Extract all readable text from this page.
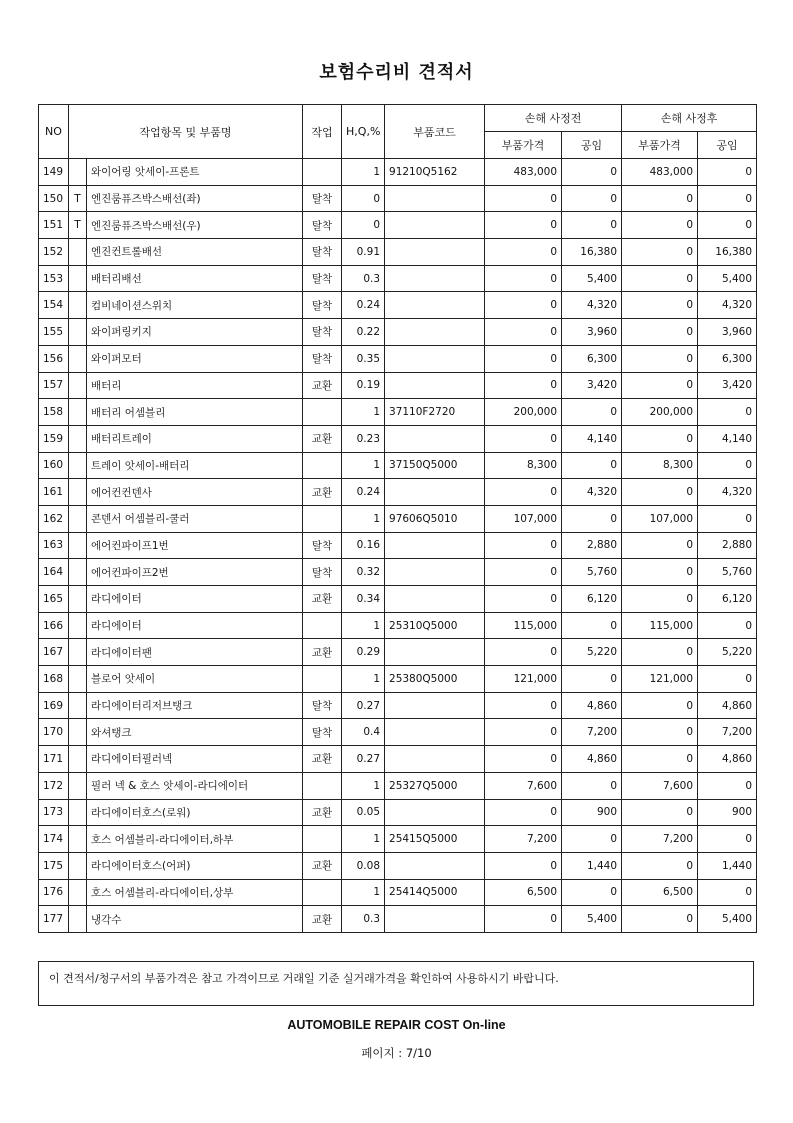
보험수리비 견적서
NO	작업항목 및 부품명		작업	H,Q,%	부품코드	손해 사정전		손해 사정후	
						부품가격	공임	부품가격	공임
149		와이어링 앗세이-프론트		1	91210Q5162	483,000	0	483,000	0
150	T	엔진룸퓨즈박스배선(좌)	탈착	0		0	0	0	0
151	T	엔진룸퓨즈박스배선(우)	탈착	0		0	0	0	0
152		엔진컨트롤배선	탈착	0.91		0	16,380	0	16,380
153		배터리배선	탈착	0.3		0	5,400	0	5,400
154		컴비네이션스위치	탈착	0.24		0	4,320	0	4,320
155		와이퍼링키지	탈착	0.22		0	3,960	0	3,960
156		와이퍼모터	탈착	0.35		0	6,300	0	6,300
157		배터리	교환	0.19		0	3,420	0	3,420
158		배터리 어셈블리		1	37110F2720	200,000	0	200,000	0
159		배터리트레이	교환	0.23		0	4,140	0	4,140
160		트레이 앗세이-배터리		1	37150Q5000	8,300	0	8,300	0
161		에어컨컨덴사	교환	0.24		0	4,320	0	4,320
162		콘덴서 어셈블리-쿨러		1	97606Q5010	107,000	0	107,000	0
163		에어컨파이프1번	탈착	0.16		0	2,880	0	2,880
164		에어컨파이프2번	탈착	0.32		0	5,760	0	5,760
165		라디에이터	교환	0.34		0	6,120	0	6,120
166		라디에이터		1	25310Q5000	115,000	0	115,000	0
167		라디에이터팬	교환	0.29		0	5,220	0	5,220
168		블로어 앗세이		1	25380Q5000	121,000	0	121,000	0
169		라디에이터리저브탱크	탈착	0.27		0	4,860	0	4,860
170		와셔탱크	탈착	0.4		0	7,200	0	7,200
171		라디에이터필러넥	교환	0.27		0	4,860	0	4,860
172		필러 넥 & 호스 앗세이-라디에이터		1	25327Q5000	7,600	0	7,600	0
173		라디에이터호스(로워)	교환	0.05		0	900	0	900
174		호스 어셈블리-라디에이터,하부		1	25415Q5000	7,200	0	7,200	0
175		라디에이터호스(어퍼)	교환	0.08		0	1,440	0	1,440
176		호스 어셈블리-라디에이터,상부		1	25414Q5000	6,500	0	6,500	0
177		냉각수	교환	0.3		0	5,400	0	5,400
이 견적서/청구서의 부품가격은 참고 가격이므로 거래일 기준 실거래가격을 확인하여 사용하시기 바랍니다.
AUTOMOBILE REPAIR COST On-line
페이지 : 7/10
